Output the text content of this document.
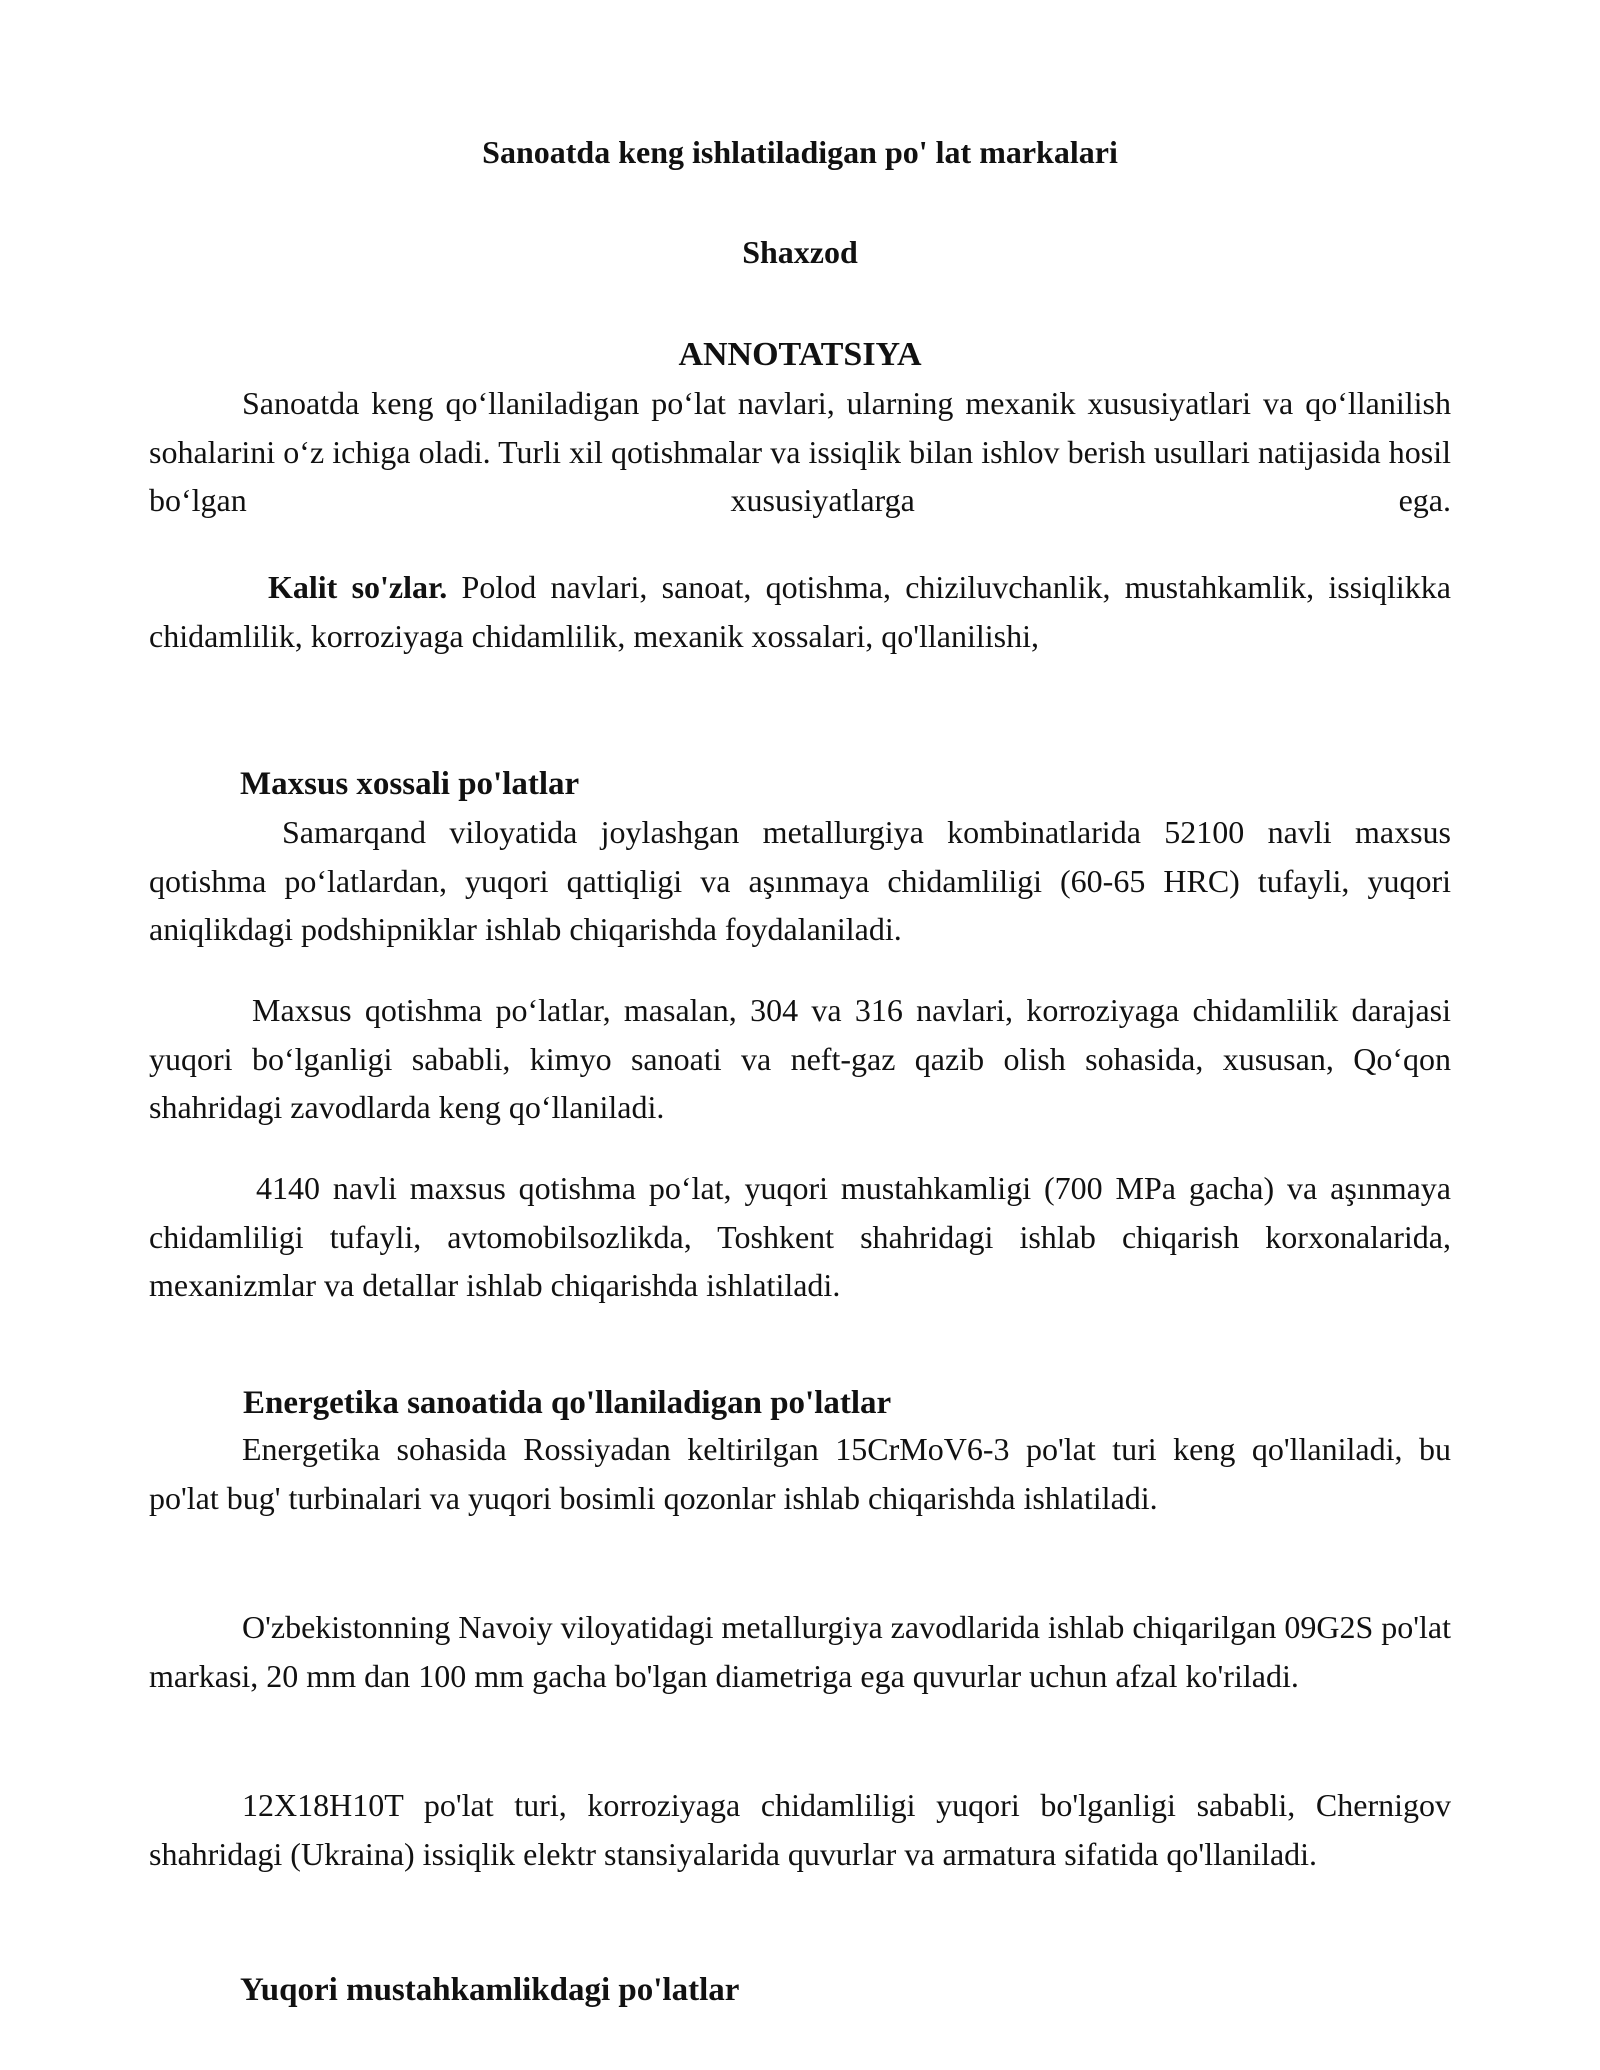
Sanoatda keng ishlatiladigan po' lat markalari
Shaxzod
ANNOTATSIYA
Sanoatda keng qo‘llaniladigan po‘lat navlari, ularning mexanik xususiyatlari va qo‘llanilish sohalarini o‘z ichiga oladi. Turli xil qotishmalar va issiqlik bilan ishlov berish usullari natijasida hosil bo‘lgan xususiyatlarga ega.
Kalit so'zlar. Polod navlari, sanoat, qotishma, chiziluvchanlik, mustahkamlik, issiqlikka chidamlilik, korroziyaga chidamlilik, mexanik xossalari, qo'llanilishi,
Maxsus xossali po'latlar
Samarqand viloyatida joylashgan metallurgiya kombinatlarida 52100 navli maxsus qotishma po‘latlardan, yuqori qattiqligi va aşınmaya chidamliligi (60-65 HRC) tufayli, yuqori aniqlikdagi podshipniklar ishlab chiqarishda foydalaniladi.
Maxsus qotishma po‘latlar, masalan, 304 va 316 navlari, korroziyaga chidamlilik darajasi yuqori bo‘lganligi sababli, kimyo sanoati va neft-gaz qazib olish sohasida, xususan, Qo‘qon shahridagi zavodlarda keng qo‘llaniladi.
4140 navli maxsus qotishma po‘lat, yuqori mustahkamligi (700 MPa gacha) va aşınmaya chidamliligi tufayli, avtomobilsozlikda, Toshkent shahridagi ishlab chiqarish korxonalarida, mexanizmlar va detallar ishlab chiqarishda ishlatiladi.
Energetika sanoatida qo'llaniladigan po'latlar
Energetika sohasida Rossiyadan keltirilgan 15CrMoV6-3 po'lat turi keng qo'llaniladi, bu po'lat bug' turbinalari va yuqori bosimli qozonlar ishlab chiqarishda ishlatiladi.
O'zbekistonning Navoiy viloyatidagi metallurgiya zavodlarida ishlab chiqarilgan 09G2S po'lat markasi, 20 mm dan 100 mm gacha bo'lgan diametriga ega quvurlar uchun afzal ko'riladi.
12X18H10T po'lat turi, korroziyaga chidamliligi yuqori bo'lganligi sababli, Chernigov shahridagi (Ukraina) issiqlik elektr stansiyalarida quvurlar va armatura sifatida qo'llaniladi.
Yuqori mustahkamlikdagi po'latlar
